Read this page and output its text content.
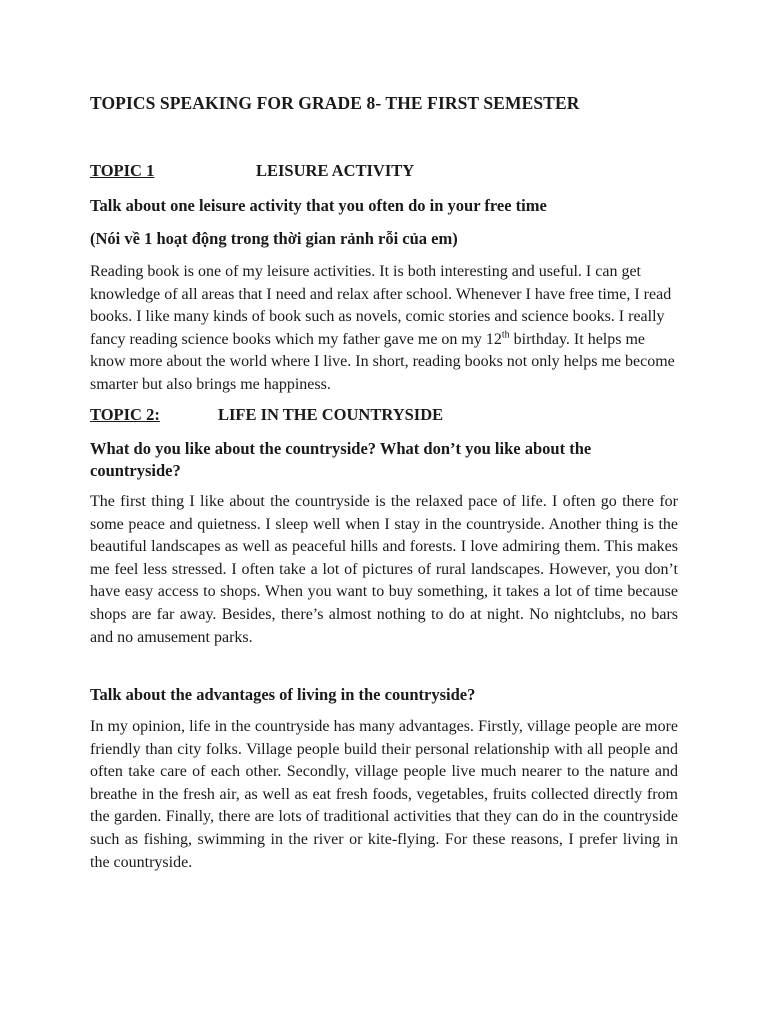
TOPICS SPEAKING FOR GRADE 8- THE FIRST SEMESTER
TOPIC 1	LEISURE ACTIVITY
Talk about one leisure activity that you often do in your free time
(Nói về 1 hoạt động trong thời gian rảnh rỗi của em)
Reading book is one of my leisure activities. It is both interesting and useful. I can get knowledge of all areas that I need and relax after school. Whenever I have free time, I read books. I like many kinds of book such as novels, comic stories and science books. I really fancy reading science books which my father gave me on my 12th birthday. It helps me know more about the world where I live. In short, reading books not only helps me become smarter but also brings me happiness.
TOPIC 2:	LIFE IN THE COUNTRYSIDE
What do you like about the countryside? What don’t you like about the countryside?
The first thing I like about the countryside is the relaxed pace of life. I often go there for some peace and quietness. I sleep well when I stay in the countryside. Another thing is the beautiful landscapes as well as peaceful hills and forests. I love admiring them. This makes me feel less stressed. I often take a lot of pictures of rural landscapes. However, you don’t have easy access to shops. When you want to buy something, it takes a lot of time because shops are far away. Besides, there’s almost nothing to do at night. No nightclubs, no bars and no amusement parks.
Talk about the advantages of living in the countryside?
In my opinion, life in the countryside has many advantages. Firstly, village people are more friendly than city folks. Village people build their personal relationship with all people and often take care of each other. Secondly, village people live much nearer to the nature and breathe in the fresh air, as well as eat fresh foods, vegetables, fruits collected directly from the garden. Finally, there are lots of traditional activities that they can do in the countryside such as fishing, swimming in the river or kite-flying. For these reasons, I prefer living in the countryside.
